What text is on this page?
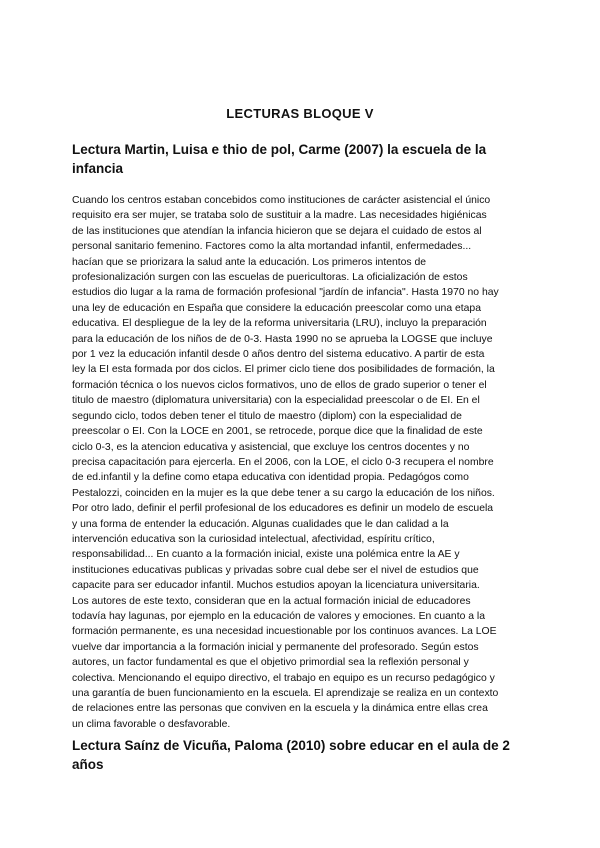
LECTURAS BLOQUE V
Lectura Martin, Luisa e thio de pol, Carme (2007) la escuela de la infancia

Cuando los centros estaban concebidos como instituciones de carácter asistencial el único
requisito era ser mujer, se trataba solo de sustituir a la madre. Las necesidades higiénicas
de las instituciones que atendían la infancia hicieron que se dejara el cuidado de estos al
personal sanitario femenino. Factores como la alta mortandad infantil, enfermedades...
hacían que se priorizara la salud ante la educación. Los primeros intentos de
profesionalización surgen con las escuelas de puericultoras. La oficialización de estos
estudios dio lugar a la rama de formación profesional "jardín de infancia". Hasta 1970 no hay
una ley de educación en España que considere la educación preescolar como una etapa
educativa. El despliegue de la ley de la reforma universitaria (LRU), incluyo la preparación
para la educación de los niños de de 0-3. Hasta 1990 no se aprueba la LOGSE que incluye
por 1 vez la educación infantil desde 0 años dentro del sistema educativo. A partir de esta
ley la EI esta formada por dos ciclos. El primer ciclo tiene dos posibilidades de formación, la
formación técnica o los nuevos ciclos formativos, uno de ellos de grado superior o tener el
titulo de maestro (diplomatura universitaria) con la especialidad preescolar o de EI. En el
segundo ciclo, todos deben tener el titulo de maestro (diplom) con la especialidad de
preescolar o EI. Con la LOCE en 2001, se retrocede, porque dice que la finalidad de este
ciclo 0-3, es la atencion educativa y asistencial, que excluye los centros docentes y no
precisa capacitación para ejercerla. En el 2006, con la LOE, el ciclo 0-3 recupera el nombre
de ed.infantil y la define como etapa educativa con identidad propia. Pedagógos como
Pestalozzi, coinciden en la mujer es la que debe tener a su cargo la educación de los niños.
Por otro lado, definir el perfil profesional de los educadores es definir un modelo de escuela
y una forma de entender la educación. Algunas cualidades que le dan calidad a la
intervención educativa son la curiosidad intelectual, afectividad, espíritu crítico,
responsabilidad... En cuanto a la formación inicial, existe una polémica entre la AE y
instituciones educativas publicas y privadas sobre cual debe ser el nivel de estudios que
capacite para ser educador infantil. Muchos estudios apoyan la licenciatura universitaria.
Los autores de este texto, consideran que en la actual formación inicial de educadores
todavía hay lagunas, por ejemplo en la educación de valores y emociones. En cuanto a la
formación permanente, es una necesidad incuestionable por los continuos avances. La LOE
vuelve dar importancia a la formación inicial y permanente del profesorado. Según estos
autores, un factor fundamental es que el objetivo primordial sea la reflexión personal y
colectiva. Mencionando el equipo directivo, el trabajo en equipo es un recurso pedagógico y
una garantía de buen funcionamiento en la escuela. El aprendizaje se realiza en un contexto
de relaciones entre las personas que conviven en la escuela y la dinámica entre ellas crea
un clima favorable o desfavorable.

Lectura Saínz de Vicuña, Paloma (2010) sobre educar en el aula de 2 años
